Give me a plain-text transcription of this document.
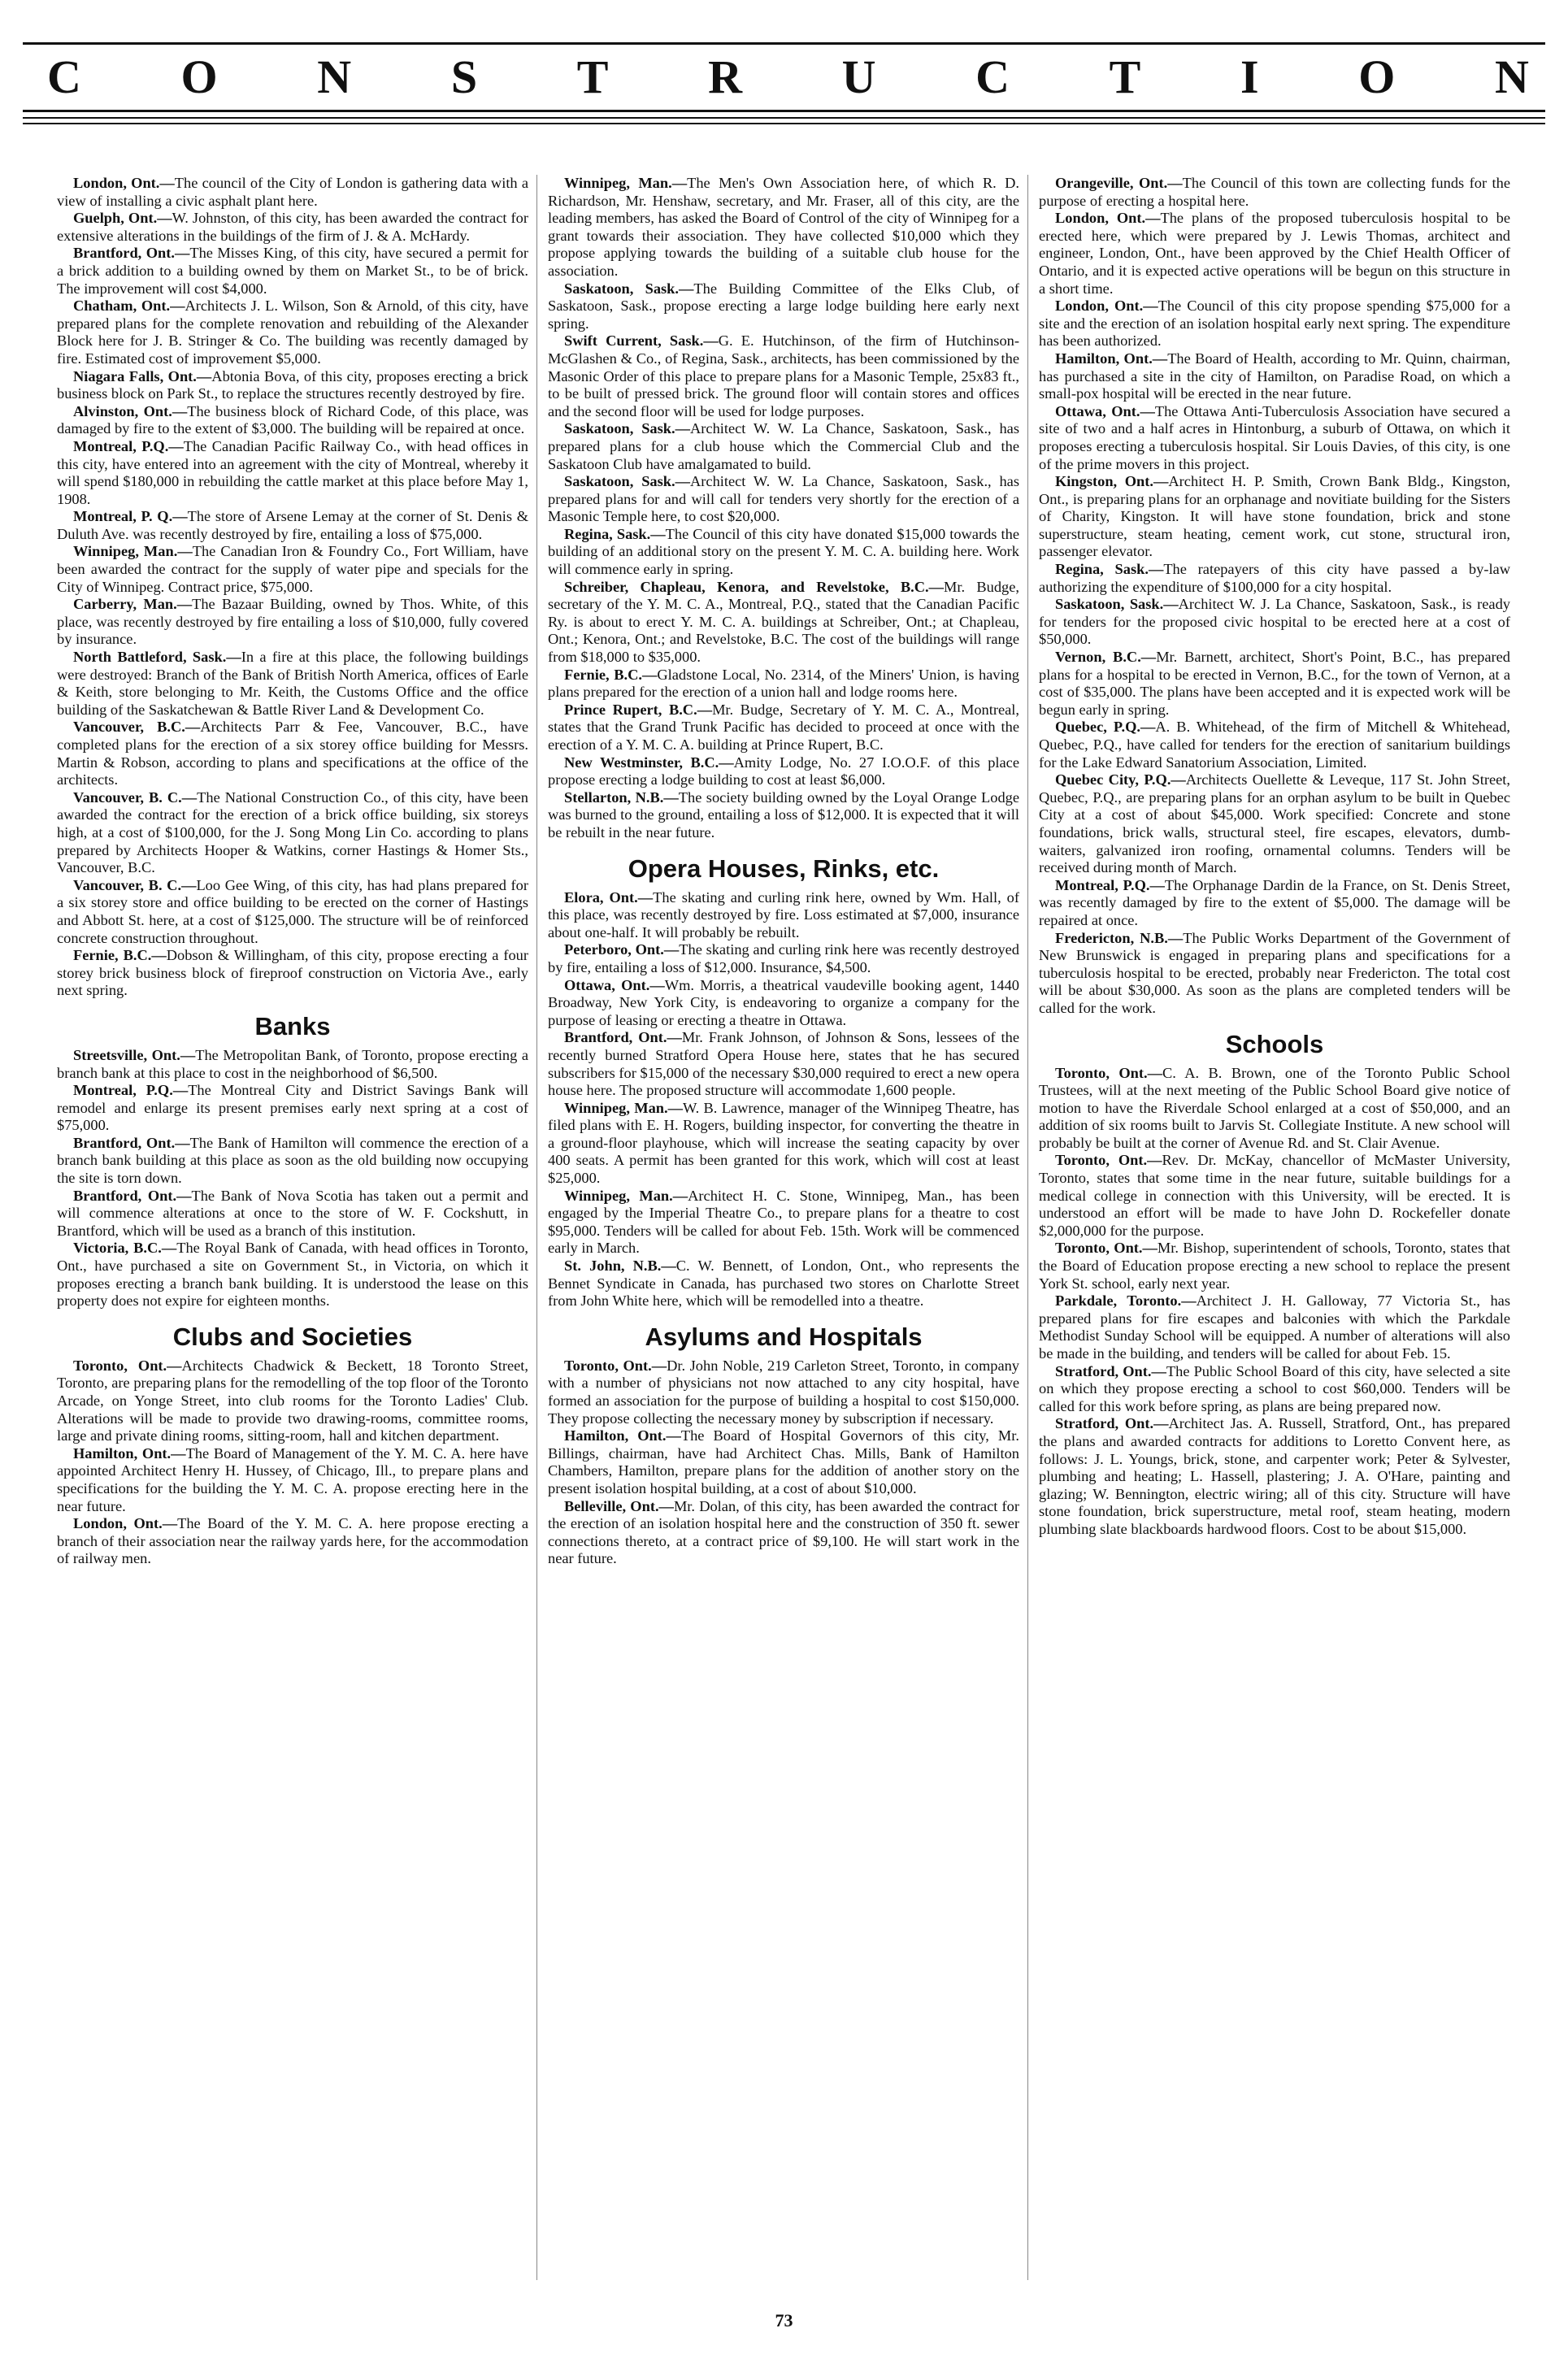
C O N S T R U C T I O N

London, Ont.—The council of the City of London is gathering data with a view of installing a civic asphalt plant here.

Guelph, Ont.—W. Johnston, of this city, has been awarded the contract for extensive alterations in the buildings of the firm of J. & A. McHardy.

Brantford, Ont.—The Misses King, of this city, have secured a permit for a brick addition to a building owned by them on Market St., to be of brick. The improvement will cost $4,000.

Chatham, Ont.—Architects J. L. Wilson, Son & Arnold, of this city, have prepared plans for the complete renovation and rebuilding of the Alexander Block here for J. B. Stringer & Co. The building was recently damaged by fire. Estimated cost of improvement $5,000.

Niagara Falls, Ont.—Abtonia Bova, of this city, proposes erecting a brick business block on Park St., to replace the structures recently destroyed by fire.

Alvinston, Ont.—The business block of Richard Code, of this place, was damaged by fire to the extent of $3,000. The building will be repaired at once.

Montreal, P.Q.—The Canadian Pacific Railway Co., with head offices in this city, have entered into an agreement with the city of Montreal, whereby it will spend $180,000 in rebuilding the cattle market at this place before May 1, 1908.

Montreal, P. Q.—The store of Arsene Lemay at the corner of St. Denis & Duluth Ave. was recently destroyed by fire, entailing a loss of $75,000.

Winnipeg, Man.—The Canadian Iron & Foundry Co., Fort William, have been awarded the contract for the supply of water pipe and specials for the City of Winnipeg. Contract price, $75,000.

Carberry, Man.—The Bazaar Building, owned by Thos. White, of this place, was recently destroyed by fire entailing a loss of $10,000, fully covered by insurance.

North Battleford, Sask.—In a fire at this place, the following buildings were destroyed: Branch of the Bank of British North America, offices of Earle & Keith, store belonging to Mr. Keith, the Customs Office and the office building of the Saskatchewan & Battle River Land & Development Co.

Vancouver, B.C.—Architects Parr & Fee, Vancouver, B.C., have completed plans for the erection of a six storey office building for Messrs. Martin & Robson, according to plans and specifications at the office of the architects.

Vancouver, B. C.—The National Construction Co., of this city, have been awarded the contract for the erection of a brick office building, six storeys high, at a cost of $100,000, for the J. Song Mong Lin Co. according to plans prepared by Architects Hooper & Watkins, corner Hastings & Homer Sts., Vancouver, B.C.

Vancouver, B. C.—Loo Gee Wing, of this city, has had plans prepared for a six storey store and office building to be erected on the corner of Hastings and Abbott St. here, at a cost of $125,000. The structure will be of reinforced concrete construction throughout.

Fernie, B.C.—Dobson & Willingham, of this city, propose erecting a four storey brick business block of fireproof construction on Victoria Ave., early next spring.

Banks

Streetsville, Ont.—The Metropolitan Bank, of Toronto, propose erecting a branch bank at this place to cost in the neighborhood of $6,500.

Montreal, P.Q.—The Montreal City and District Savings Bank will remodel and enlarge its present premises early next spring at a cost of $75,000.

Brantford, Ont.—The Bank of Hamilton will commence the erection of a branch bank building at this place as soon as the old building now occupying the site is torn down.

Brantford, Ont.—The Bank of Nova Scotia has taken out a permit and will commence alterations at once to the store of W. F. Cockshutt, in Brantford, which will be used as a branch of this institution.

Victoria, B.C.—The Royal Bank of Canada, with head offices in Toronto, Ont., have purchased a site on Government St., in Victoria, on which it proposes erecting a branch bank building. It is understood the lease on this property does not expire for eighteen months.

Clubs and Societies

Toronto, Ont.—Architects Chadwick & Beckett, 18 Toronto Street, Toronto, are preparing plans for the remodelling of the top floor of the Toronto Arcade, on Yonge Street, into club rooms for the Toronto Ladies' Club. Alterations will be made to provide two drawing-rooms, committee rooms, large and private dining rooms, sitting-room, hall and kitchen department.

Hamilton, Ont.—The Board of Management of the Y. M. C. A. here have appointed Architect Henry H. Hussey, of Chicago, Ill., to prepare plans and specifications for the building the Y. M. C. A. propose erecting here in the near future.

London, Ont.—The Board of the Y. M. C. A. here propose erecting a branch of their association near the railway yards here, for the accommodation of railway men.

Winnipeg, Man.—The Men's Own Association here, of which R. D. Richardson, Mr. Henshaw, secretary, and Mr. Fraser, all of this city, are the leading members, has asked the Board of Control of the city of Winnipeg for a grant towards their association. They have collected $10,000 which they propose applying towards the building of a suitable club house for the association.

Saskatoon, Sask.—The Building Committee of the Elks Club, of Saskatoon, Sask., propose erecting a large lodge building here early next spring.

Swift Current, Sask.—G. E. Hutchinson, of the firm of Hutchinson-McGlashen & Co., of Regina, Sask., architects, has been commissioned by the Masonic Order of this place to prepare plans for a Masonic Temple, 25x83 ft., to be built of pressed brick. The ground floor will contain stores and offices and the second floor will be used for lodge purposes.

Saskatoon, Sask.—Architect W. W. La Chance, Saskatoon, Sask., has prepared plans for a club house which the Commercial Club and the Saskatoon Club have amalgamated to build.

Saskatoon, Sask.—Architect W. W. La Chance, Saskatoon, Sask., has prepared plans for and will call for tenders very shortly for the erection of a Masonic Temple here, to cost $20,000.

Regina, Sask.—The Council of this city have donated $15,000 towards the building of an additional story on the present Y. M. C. A. building here. Work will commence early in spring.

Schreiber, Chapleau, Kenora, and Revelstoke, B.C.—Mr. Budge, secretary of the Y. M. C. A., Montreal, P.Q., stated that the Canadian Pacific Ry. is about to erect Y. M. C. A. buildings at Schreiber, Ont.; at Chapleau, Ont.; Kenora, Ont.; and Revelstoke, B.C. The cost of the buildings will range from $18,000 to $35,000.

Fernie, B.C.—Gladstone Local, No. 2314, of the Miners' Union, is having plans prepared for the erection of a union hall and lodge rooms here.

Prince Rupert, B.C.—Mr. Budge, Secretary of Y. M. C. A., Montreal, states that the Grand Trunk Pacific has decided to proceed at once with the erection of a Y. M. C. A. building at Prince Rupert, B.C.

New Westminster, B.C.—Amity Lodge, No. 27 I.O.O.F. of this place propose erecting a lodge building to cost at least $6,000.

Stellarton, N.B.—The society building owned by the Loyal Orange Lodge was burned to the ground, entailing a loss of $12,000. It is expected that it will be rebuilt in the near future.

Opera Houses, Rinks, etc.

Elora, Ont.—The skating and curling rink here, owned by Wm. Hall, of this place, was recently destroyed by fire. Loss estimated at $7,000, insurance about one-half. It will probably be rebuilt.

Peterboro, Ont.—The skating and curling rink here was recently destroyed by fire, entailing a loss of $12,000. Insurance, $4,500.

Ottawa, Ont.—Wm. Morris, a theatrical vaudeville booking agent, 1440 Broadway, New York City, is endeavoring to organize a company for the purpose of leasing or erecting a theatre in Ottawa.

Brantford, Ont.—Mr. Frank Johnson, of Johnson & Sons, lessees of the recently burned Stratford Opera House here, states that he has secured subscribers for $15,000 of the necessary $30,000 required to erect a new opera house here. The proposed structure will accommodate 1,600 people.

Winnipeg, Man.—W. B. Lawrence, manager of the Winnipeg Theatre, has filed plans with E. H. Rogers, building inspector, for converting the theatre in a ground-floor playhouse, which will increase the seating capacity by over 400 seats. A permit has been granted for this work, which will cost at least $25,000.

Winnipeg, Man.—Architect H. C. Stone, Winnipeg, Man., has been engaged by the Imperial Theatre Co., to prepare plans for a theatre to cost $95,000. Tenders will be called for about Feb. 15th. Work will be commenced early in March.

St. John, N.B.—C. W. Bennett, of London, Ont., who represents the Bennet Syndicate in Canada, has purchased two stores on Charlotte Street from John White here, which will be remodelled into a theatre.

Asylums and Hospitals

Toronto, Ont.—Dr. John Noble, 219 Carleton Street, Toronto, in company with a number of physicians not now attached to any city hospital, have formed an association for the purpose of building a hospital to cost $150,000. They propose collecting the necessary money by subscription if necessary.

Hamilton, Ont.—The Board of Hospital Governors of this city, Mr. Billings, chairman, have had Architect Chas. Mills, Bank of Hamilton Chambers, Hamilton, prepare plans for the addition of another story on the present isolation hospital building, at a cost of about $10,000.

Belleville, Ont.—Mr. Dolan, of this city, has been awarded the contract for the erection of an isolation hospital here and the construction of 350 ft. sewer connections thereto, at a contract price of $9,100. He will start work in the near future.

Orangeville, Ont.—The Council of this town are collecting funds for the purpose of erecting a hospital here.

London, Ont.—The plans of the proposed tuberculosis hospital to be erected here, which were prepared by J. Lewis Thomas, architect and engineer, London, Ont., have been approved by the Chief Health Officer of Ontario, and it is expected active operations will be begun on this structure in a short time.

London, Ont.—The Council of this city propose spending $75,000 for a site and the erection of an isolation hospital early next spring. The expenditure has been authorized.

Hamilton, Ont.—The Board of Health, according to Mr. Quinn, chairman, has purchased a site in the city of Hamilton, on Paradise Road, on which a small-pox hospital will be erected in the near future.

Ottawa, Ont.—The Ottawa Anti-Tuberculosis Association have secured a site of two and a half acres in Hintonburg, a suburb of Ottawa, on which it proposes erecting a tuberculosis hospital. Sir Louis Davies, of this city, is one of the prime movers in this project.

Kingston, Ont.—Architect H. P. Smith, Crown Bank Bldg., Kingston, Ont., is preparing plans for an orphanage and novitiate building for the Sisters of Charity, Kingston. It will have stone foundation, brick and stone superstructure, steam heating, cement work, cut stone, structural iron, passenger elevator.

Regina, Sask.—The ratepayers of this city have passed a by-law authorizing the expenditure of $100,000 for a city hospital.

Saskatoon, Sask.—Architect W. J. La Chance, Saskatoon, Sask., is ready for tenders for the proposed civic hospital to be erected here at a cost of $50,000.

Vernon, B.C.—Mr. Barnett, architect, Short's Point, B.C., has prepared plans for a hospital to be erected in Vernon, B.C., for the town of Vernon, at a cost of $35,000. The plans have been accepted and it is expected work will be begun early in spring.

Quebec, P.Q.—A. B. Whitehead, of the firm of Mitchell & Whitehead, Quebec, P.Q., have called for tenders for the erection of sanitarium buildings for the Lake Edward Sanatorium Association, Limited.

Quebec City, P.Q.—Architects Ouellette & Leveque, 117 St. John Street, Quebec, P.Q., are preparing plans for an orphan asylum to be built in Quebec City at a cost of about $45,000. Work specified: Concrete and stone foundations, brick walls, structural steel, fire escapes, elevators, dumb-waiters, galvanized iron roofing, ornamental columns. Tenders will be received during month of March.

Montreal, P.Q.—The Orphanage Dardin de la France, on St. Denis Street, was recently damaged by fire to the extent of $5,000. The damage will be repaired at once.

Fredericton, N.B.—The Public Works Department of the Government of New Brunswick is engaged in preparing plans and specifications for a tuberculosis hospital to be erected, probably near Fredericton. The total cost will be about $30,000. As soon as the plans are completed tenders will be called for the work.

Schools

Toronto, Ont.—C. A. B. Brown, one of the Toronto Public School Trustees, will at the next meeting of the Public School Board give notice of motion to have the Riverdale School enlarged at a cost of $50,000, and an addition of six rooms built to Jarvis St. Collegiate Institute. A new school will probably be built at the corner of Avenue Rd. and St. Clair Avenue.

Toronto, Ont.—Rev. Dr. McKay, chancellor of McMaster University, Toronto, states that some time in the near future, suitable buildings for a medical college in connection with this University, will be erected. It is understood an effort will be made to have John D. Rockefeller donate $2,000,000 for the purpose.

Toronto, Ont.—Mr. Bishop, superintendent of schools, Toronto, states that the Board of Education propose erecting a new school to replace the present York St. school, early next year.

Parkdale, Toronto.—Architect J. H. Galloway, 77 Victoria St., has prepared plans for fire escapes and balconies with which the Parkdale Methodist Sunday School will be equipped. A number of alterations will also be made in the building, and tenders will be called for about Feb. 15.

Stratford, Ont.—The Public School Board of this city, have selected a site on which they propose erecting a school to cost $60,000. Tenders will be called for this work before spring, as plans are being prepared now.

Stratford, Ont.—Architect Jas. A. Russell, Stratford, Ont., has prepared the plans and awarded contracts for additions to Loretto Convent here, as follows: J. L. Youngs, brick, stone, and carpenter work; Peter & Sylvester, plumbing and heating; L. Hassell, plastering; J. A. O'Hare, painting and glazing; W. Bennington, electric wiring; all of this city. Structure will have stone foundation, brick superstructure, metal roof, steam heating, modern plumbing slate blackboards hardwood floors. Cost to be about $15,000.

73
